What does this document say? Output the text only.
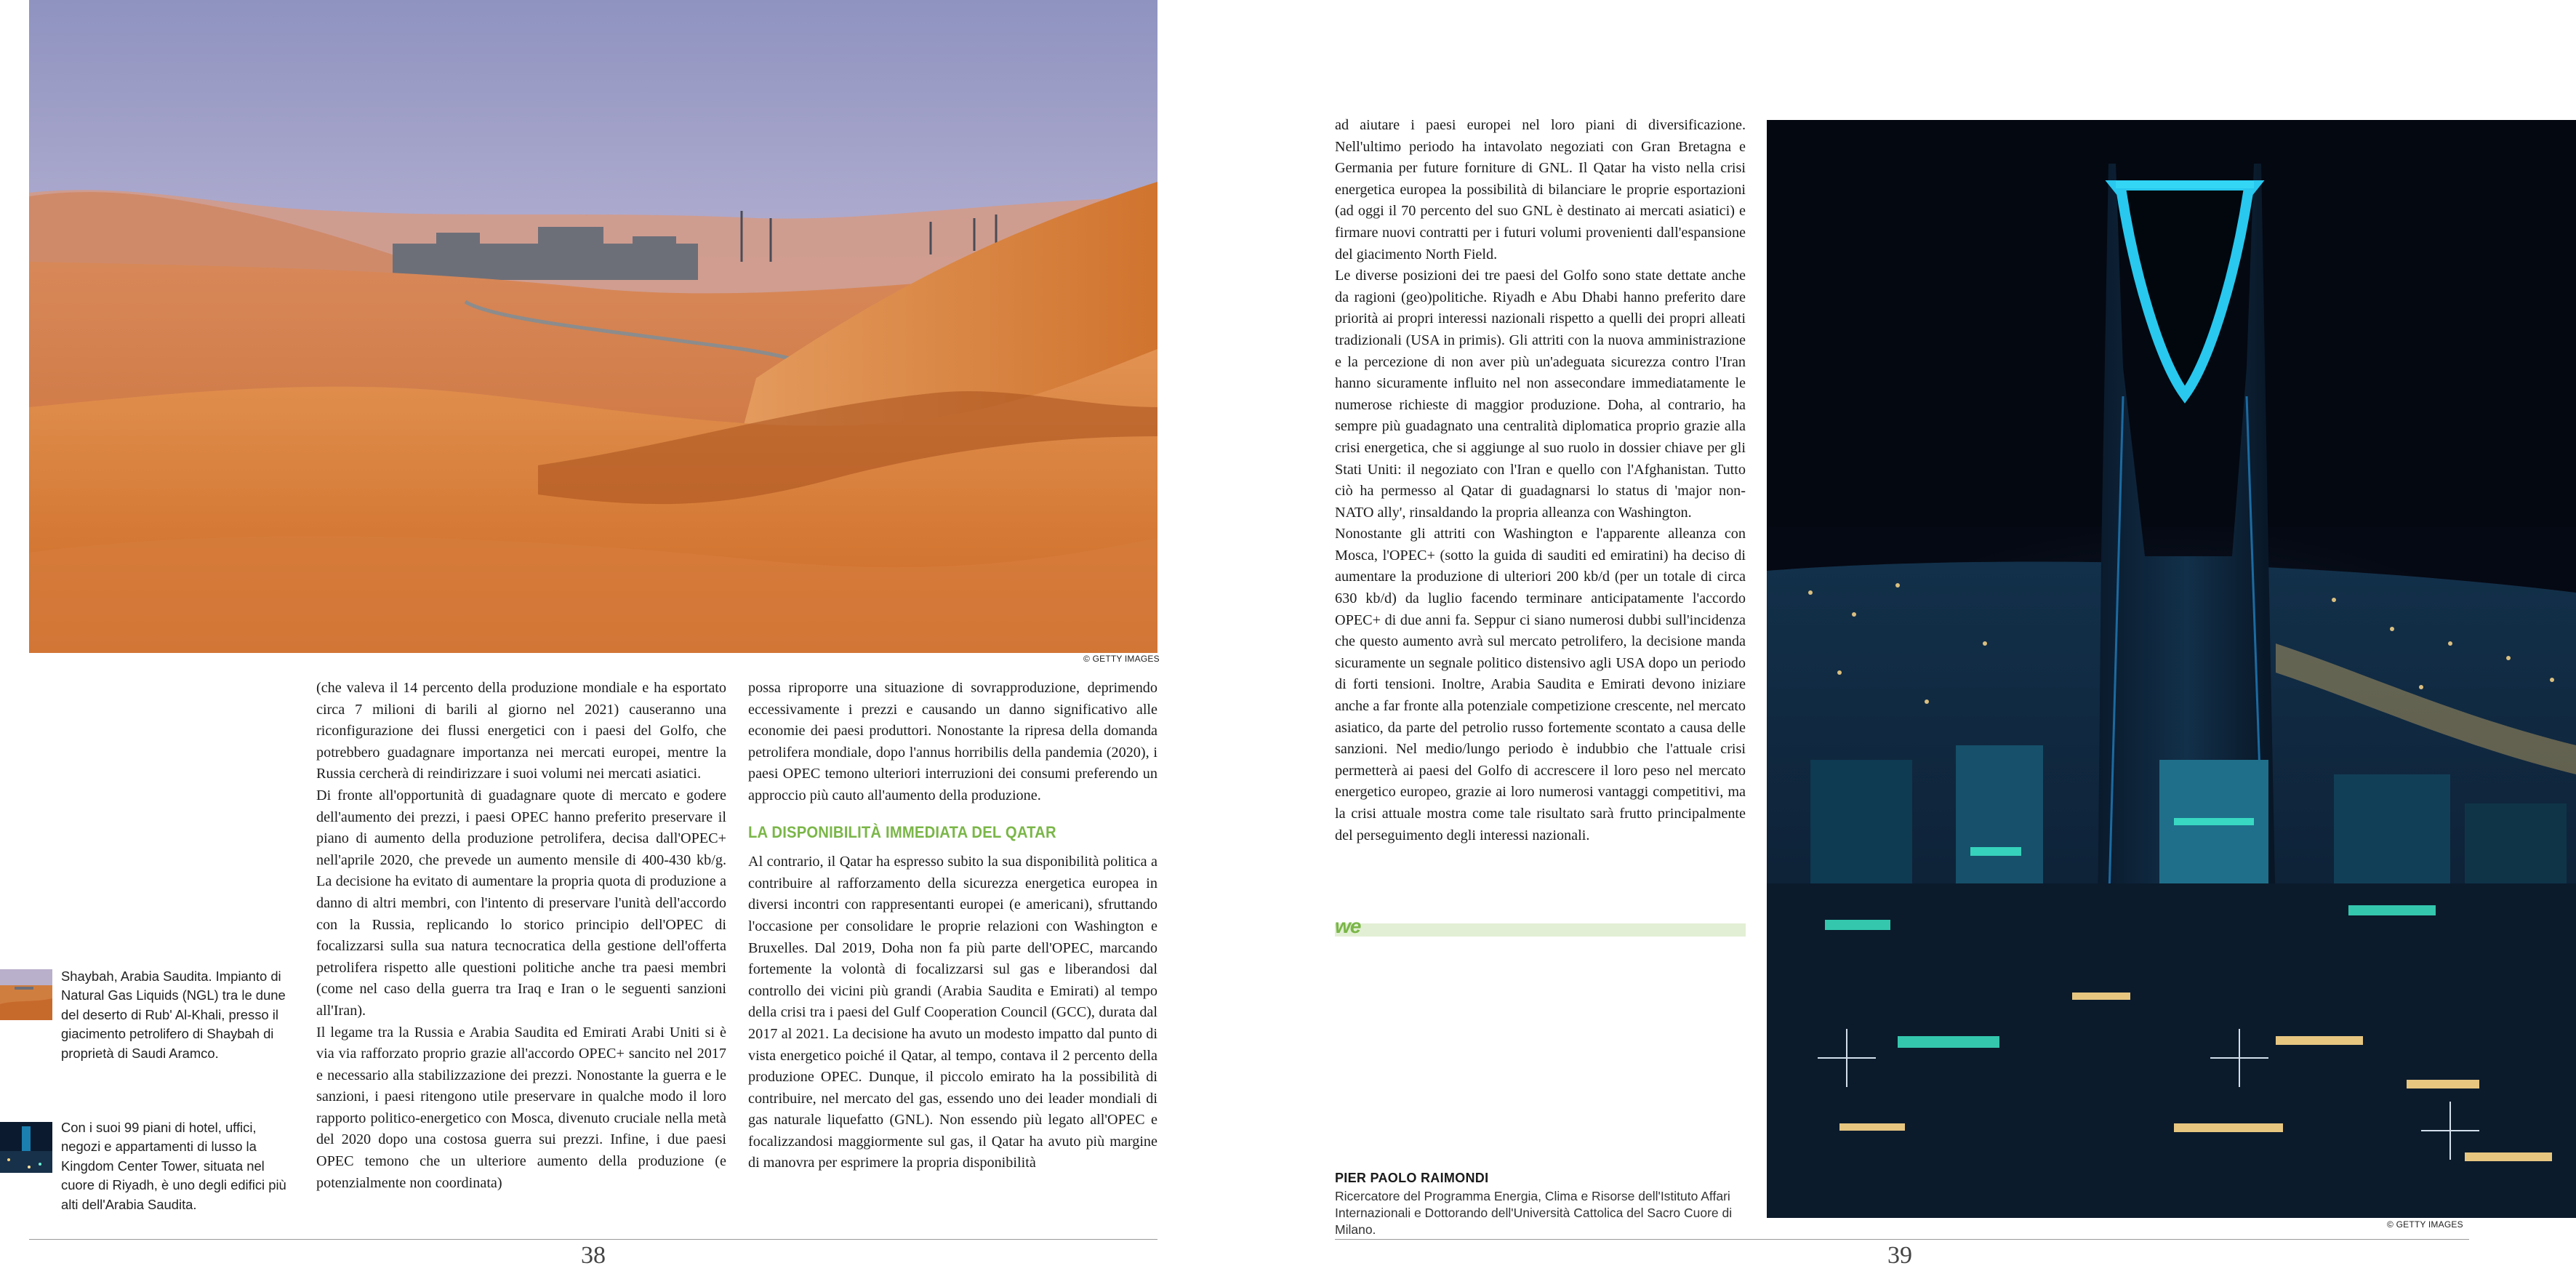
© GETTY IMAGES

(che valeva il 14 percento della produzione mondiale e ha esportato circa 7 milioni di barili al giorno nel 2021) causeranno una riconfigurazione dei flussi energetici con i paesi del Golfo, che potrebbero guadagnare importanza nei mercati europei, mentre la Russia cercherà di reindirizzare i suoi volumi nei mercati asiatici.

Di fronte all'opportunità di guadagnare quote di mercato e godere dell'aumento dei prezzi, i paesi OPEC hanno preferito preservare il piano di aumento della produzione petrolifera, decisa dall'OPEC+ nell'aprile 2020, che prevede un aumento mensile di 400-430 kb/g. La decisione ha evitato di aumentare la propria quota di produzione a danno di altri membri, con l'intento di preservare l'unità dell'accordo con la Russia, replicando lo storico principio dell'OPEC di focalizzarsi sulla sua natura tecnocratica della gestione dell'offerta petrolifera rispetto alle questioni politiche anche tra paesi membri (come nel caso della guerra tra Iraq e Iran o le seguenti sanzioni all'Iran).

Il legame tra la Russia e Arabia Saudita ed Emirati Arabi Uniti si è via via rafforzato proprio grazie all'accordo OPEC+ sancito nel 2017 e necessario alla stabilizzazione dei prezzi. Nonostante la guerra e le sanzioni, i paesi ritengono utile preservare in qualche modo il loro rapporto politico-energetico con Mosca, divenuto cruciale nella metà del 2020 dopo una costosa guerra sui prezzi. Infine, i due paesi OPEC temono che un ulteriore aumento della produzione (e potenzialmente non coordinata)

possa riproporre una situazione di sovrapproduzione, deprimendo eccessivamente i prezzi e causando un danno significativo alle economie dei paesi produttori. Nonostante la ripresa della domanda petrolifera mondiale, dopo l'annus horribilis della pandemia (2020), i paesi OPEC temono ulteriori interruzioni dei consumi preferendo un approccio più cauto all'aumento della produzione.

LA DISPONIBILITÀ IMMEDIATA DEL QATAR

Al contrario, il Qatar ha espresso subito la sua disponibilità politica a contribuire al rafforzamento della sicurezza energetica europea in diversi incontri con rappresentanti europei (e americani), sfruttando l'occasione per consolidare le proprie relazioni con Washington e Bruxelles. Dal 2019, Doha non fa più parte dell'OPEC, marcando fortemente la volontà di focalizzarsi sul gas e liberandosi dal controllo dei vicini più grandi (Arabia Saudita e Emirati) al tempo della crisi tra i paesi del Gulf Cooperation Council (GCC), durata dal 2017 al 2021. La decisione ha avuto un modesto impatto dal punto di vista energetico poiché il Qatar, al tempo, contava il 2 percento della produzione OPEC. Dunque, il piccolo emirato ha la possibilità di contribuire, nel mercato del gas, essendo uno dei leader mondiali di gas naturale liquefatto (GNL). Non essendo più legato all'OPEC e focalizzandosi maggiormente sul gas, il Qatar ha avuto più margine di manovra per esprimere la propria disponibilità

Shaybah, Arabia Saudita. Impianto di Natural Gas Liquids (NGL) tra le dune del deserto di Rub' Al-Khali, presso il giacimento petrolifero di Shaybah di proprietà di Saudi Aramco.
Con i suoi 99 piani di hotel, uffici, negozi e appartamenti di lusso la Kingdom Center Tower, situata nel cuore di Riyadh, è uno degli edifici più alti dell'Arabia Saudita.
38

ad aiutare i paesi europei nel loro piani di diversificazione. Nell'ultimo periodo ha intavolato negoziati con Gran Bretagna e Germania per future forniture di GNL. Il Qatar ha visto nella crisi energetica europea la possibilità di bilanciare le proprie esportazioni (ad oggi il 70 percento del suo GNL è destinato ai mercati asiatici) e firmare nuovi contratti per i futuri volumi provenienti dall'espansione del giacimento North Field.

Le diverse posizioni dei tre paesi del Golfo sono state dettate anche da ragioni (geo)politiche. Riyadh e Abu Dhabi hanno preferito dare priorità ai propri interessi nazionali rispetto a quelli dei propri alleati tradizionali (USA in primis). Gli attriti con la nuova amministrazione e la percezione di non aver più un'adeguata sicurezza contro l'Iran hanno sicuramente influito nel non assecondare immediatamente le numerose richieste di maggior produzione. Doha, al contrario, ha sempre più guadagnato una centralità diplomatica proprio grazie alla crisi energetica, che si aggiunge al suo ruolo in dossier chiave per gli Stati Uniti: il negoziato con l'Iran e quello con l'Afghanistan. Tutto ciò ha permesso al Qatar di guadagnarsi lo status di 'major non-NATO ally', rinsaldando la propria alleanza con Washington.

Nonostante gli attriti con Washington e l'apparente alleanza con Mosca, l'OPEC+ (sotto la guida di sauditi ed emiratini) ha deciso di aumentare la produzione di ulteriori 200 kb/d (per un totale di circa 630 kb/d) da luglio facendo terminare anticipatamente l'accordo OPEC+ di due anni fa. Seppur ci siano numerosi dubbi sull'incidenza che questo aumento avrà sul mercato petrolifero, la decisione manda sicuramente un segnale politico distensivo agli USA dopo un periodo di forti tensioni. Inoltre, Arabia Saudita e Emirati devono iniziare anche a far fronte alla potenziale competizione crescente, nel mercato asiatico, da parte del petrolio russo fortemente scontato a causa delle sanzioni. Nel medio/lungo periodo è indubbio che l'attuale crisi permetterà ai paesi del Golfo di accrescere il loro peso nel mercato energetico europeo, grazie ai loro numerosi vantaggi competitivi, ma la crisi attuale mostra come tale risultato sarà frutto principalmente del perseguimento degli interessi nazionali.

we
PIER PAOLO RAIMONDI
Ricercatore del Programma Energia, Clima e Risorse dell'Istituto Affari Internazionali e Dottorando dell'Università Cattolica del Sacro Cuore di Milano.	© GETTY IMAGES
39
